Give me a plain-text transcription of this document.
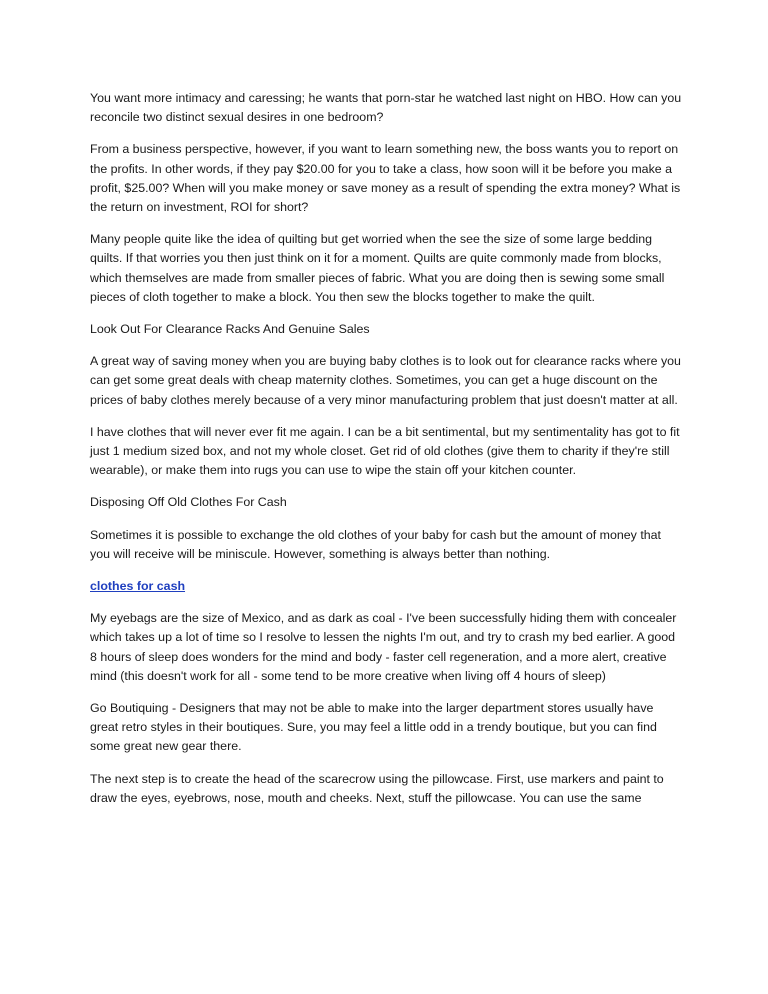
You want more intimacy and caressing; he wants that porn-star he watched last night on HBO. How can you reconcile two distinct sexual desires in one bedroom?

From a business perspective, however, if you want to learn something new, the boss wants you to report on the profits. In other words, if they pay $20.00 for you to take a class, how soon will it be before you make a profit, $25.00? When will you make money or save money as a result of spending the extra money? What is the return on investment, ROI for short?

Many people quite like the idea of quilting but get worried when the see the size of some large bedding quilts. If that worries you then just think on it for a moment. Quilts are quite commonly made from blocks, which themselves are made from smaller pieces of fabric. What you are doing then is sewing some small pieces of cloth together to make a block. You then sew the blocks together to make the quilt.

Look Out For Clearance Racks And Genuine Sales

A great way of saving money when you are buying baby clothes is to look out for clearance racks where you can get some great deals with cheap maternity clothes. Sometimes, you can get a huge discount on the prices of baby clothes merely because of a very minor manufacturing problem that just doesn't matter at all.

I have clothes that will never ever fit me again. I can be a bit sentimental, but my sentimentality has got to fit just 1 medium sized box, and not my whole closet. Get rid of old clothes (give them to charity if they're still wearable), or make them into rugs you can use to wipe the stain off your kitchen counter.

Disposing Off Old Clothes For Cash

Sometimes it is possible to exchange the old clothes of your baby for cash but the amount of money that you will receive will be miniscule. However, something is always better than nothing.

clothes for cash

My eyebags are the size of Mexico, and as dark as coal - I've been successfully hiding them with concealer which takes up a lot of time so I resolve to lessen the nights I'm out, and try to crash my bed earlier. A good 8 hours of sleep does wonders for the mind and body - faster cell regeneration, and a more alert, creative mind (this doesn't work for all - some tend to be more creative when living off 4 hours of sleep)

Go Boutiquing - Designers that may not be able to make into the larger department stores usually have great retro styles in their boutiques. Sure, you may feel a little odd in a trendy boutique, but you can find some great new gear there.

The next step is to create the head of the scarecrow using the pillowcase. First, use markers and paint to draw the eyes, eyebrows, nose, mouth and cheeks. Next, stuff the pillowcase. You can use the same
